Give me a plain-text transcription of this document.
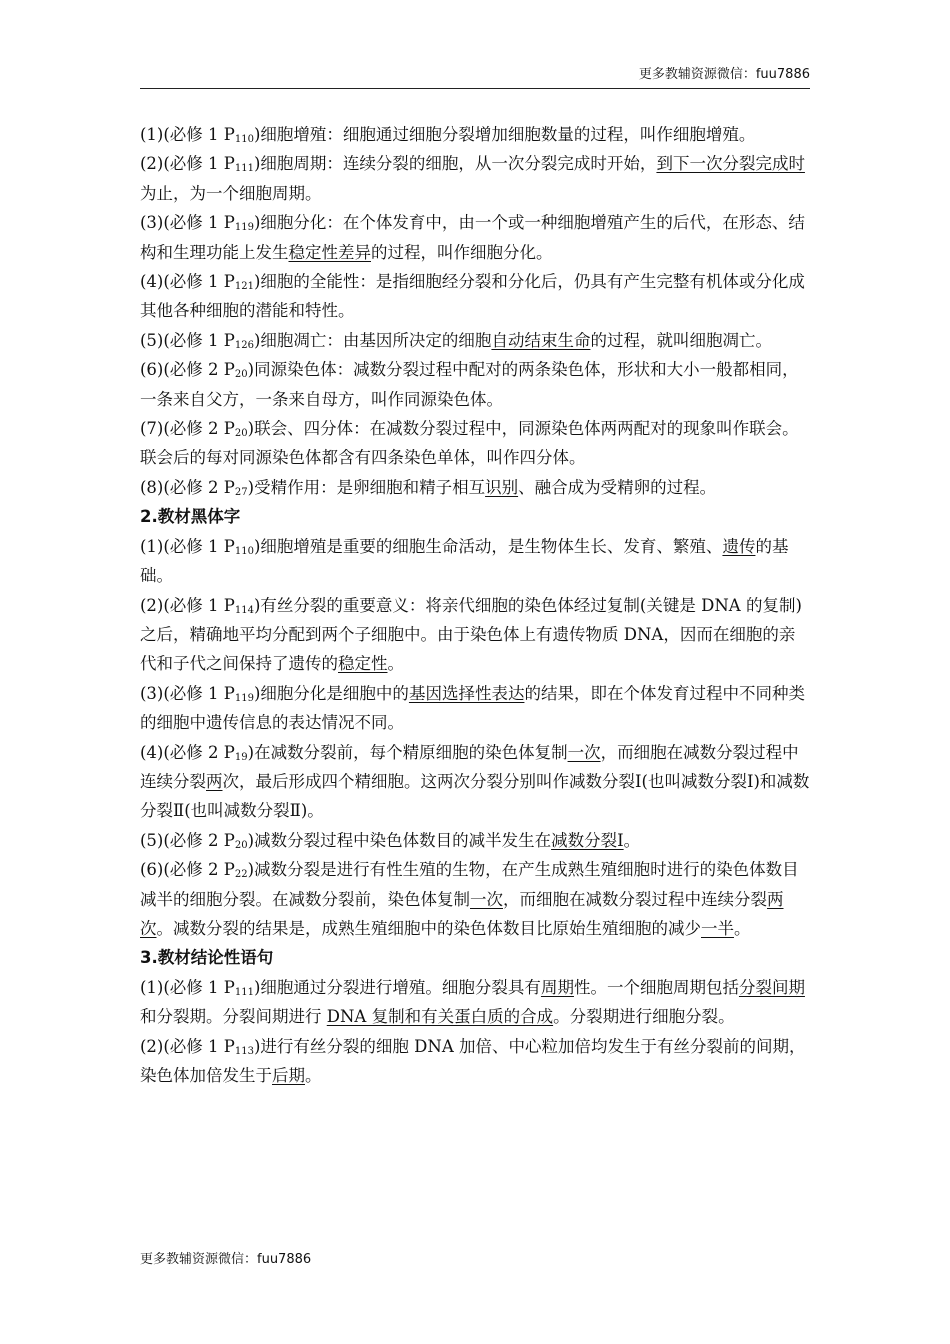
更多教辅资源微信：fuu7886

(1)(必修 1 $P_{110}$)细胞增殖：细胞通过细胞分裂增加细胞数量的过程，叫作细胞增殖。

(2)(必修 1 $P_{111}$)细胞周期：连续分裂的细胞，从一次分裂完成时开始，到下一次分裂完成时为止，为一个细胞周期。

(3)(必修 1 $P_{119}$)细胞分化：在个体发育中，由一个或一种细胞增殖产生的后代，在形态、结构和生理功能上发生稳定性差异的过程，叫作细胞分化。

(4)(必修 1 $P_{121}$)细胞的全能性：是指细胞经分裂和分化后，仍具有产生完整有机体或分化成其他各种细胞的潜能和特性。

(5)(必修 1 $P_{126}$)细胞凋亡：由基因所决定的细胞自动结束生命的过程，就叫细胞凋亡。

(6)(必修 2 $P_{20}$)同源染色体：减数分裂过程中配对的两条染色体，形状和大小一般都相同，一条来自父方，一条来自母方，叫作同源染色体。

(7)(必修 2 $P_{20}$)联会、四分体：在减数分裂过程中，同源染色体两两配对的现象叫作联会。联会后的每对同源染色体都含有四条染色单体，叫作四分体。

(8)(必修 2 $P_{27}$)受精作用：是卵细胞和精子相互识别、融合成为受精卵的过程。

2.教材黑体字

(1)(必修 1 $P_{110}$)细胞增殖是重要的细胞生命活动，是生物体生长、发育、繁殖、遗传的基础。

(2)(必修 1 $P_{114}$)有丝分裂的重要意义：将亲代细胞的染色体经过复制(关键是 DNA 的复制)之后，精确地平均分配到两个子细胞中。由于染色体上有遗传物质 DNA，因而在细胞的亲代和子代之间保持了遗传的稳定性。

(3)(必修 1 $P_{119}$)细胞分化是细胞中的基因选择性表达的结果，即在个体发育过程中不同种类的细胞中遗传信息的表达情况不同。

(4)(必修 2 $P_{19}$)在减数分裂前，每个精原细胞的染色体复制一次，而细胞在减数分裂过程中连续分裂两次，最后形成四个精细胞。这两次分裂分别叫作减数分裂Ⅰ(也叫减数分裂Ⅰ)和减数分裂Ⅱ(也叫减数分裂Ⅱ)。

(5)(必修 2 $P_{20}$)减数分裂过程中染色体数目的减半发生在减数分裂Ⅰ。

(6)(必修 2 $P_{22}$)减数分裂是进行有性生殖的生物，在产生成熟生殖细胞时进行的染色体数目减半的细胞分裂。在减数分裂前，染色体复制一次，而细胞在减数分裂过程中连续分裂两次。减数分裂的结果是，成熟生殖细胞中的染色体数目比原始生殖细胞的减少一半。

3.教材结论性语句

(1)(必修 1 $P_{111}$)细胞通过分裂进行增殖。细胞分裂具有周期性。一个细胞周期包括分裂间期和分裂期。分裂间期进行 DNA 复制和有关蛋白质的合成。分裂期进行细胞分裂。

(2)(必修 1 $P_{113}$)进行有丝分裂的细胞 DNA 加倍、中心粒加倍均发生于有丝分裂前的间期，染色体加倍发生于后期。

更多教辅资源微信：fuu7886
